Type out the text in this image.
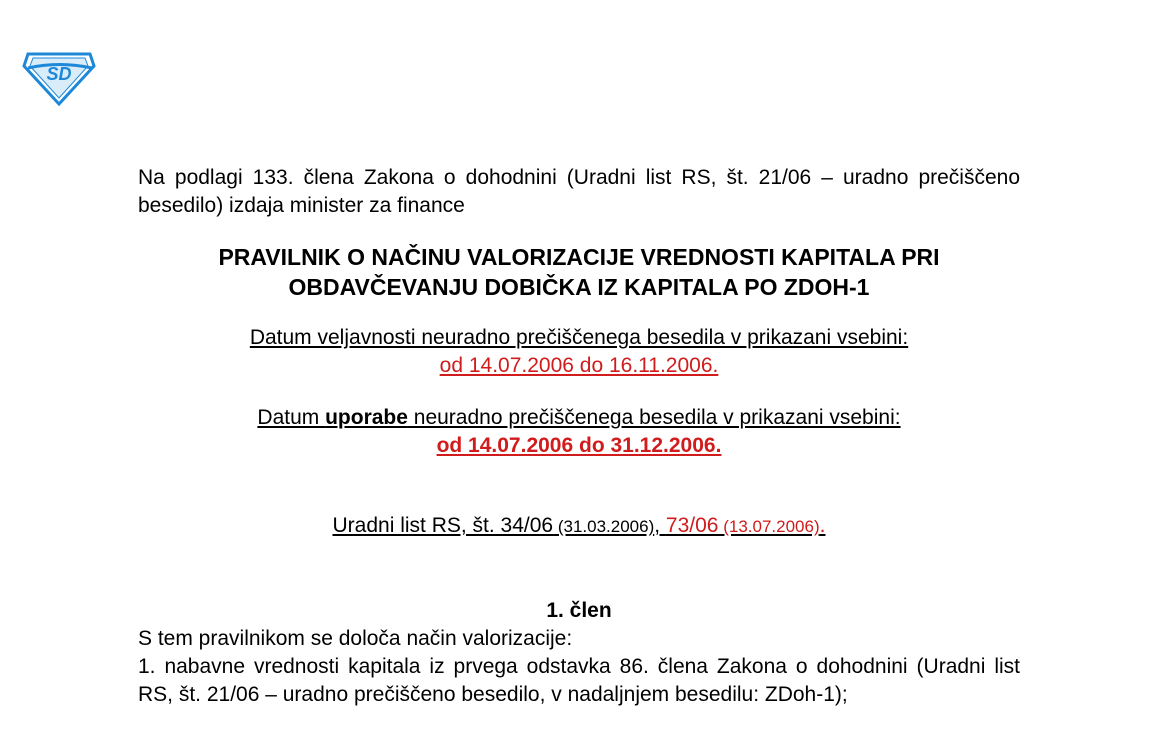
SD

Na podlagi 133. člena Zakona o dohodnini (Uradni list RS, št. 21/06 – uradno prečiščeno besedilo) izdaja minister za finance

PRAVILNIK O NAČINU VALORIZACIJE VREDNOSTI KAPITALA PRI
OBDAVČEVANJU DOBIČKA IZ KAPITALA PO ZDOH-1
Datum veljavnosti neuradno prečiščenega besedila v prikazani vsebini:
od 14.07.2006 do 16.11.2006.
Datum uporabe neuradno prečiščenega besedila v prikazani vsebini:
od 14.07.2006 do 31.12.2006.
Uradni list RS, št. 34/06 (31.03.2006), 73/06 (13.07.2006).

1. člen

S tem pravilnikom se določa način valorizacije:

1. nabavne vrednosti kapitala iz prvega odstavka 86. člena Zakona o dohodnini (Uradni list RS, št. 21/06 – uradno prečiščeno besedilo, v nadaljnjem besedilu: ZDoh-1);
